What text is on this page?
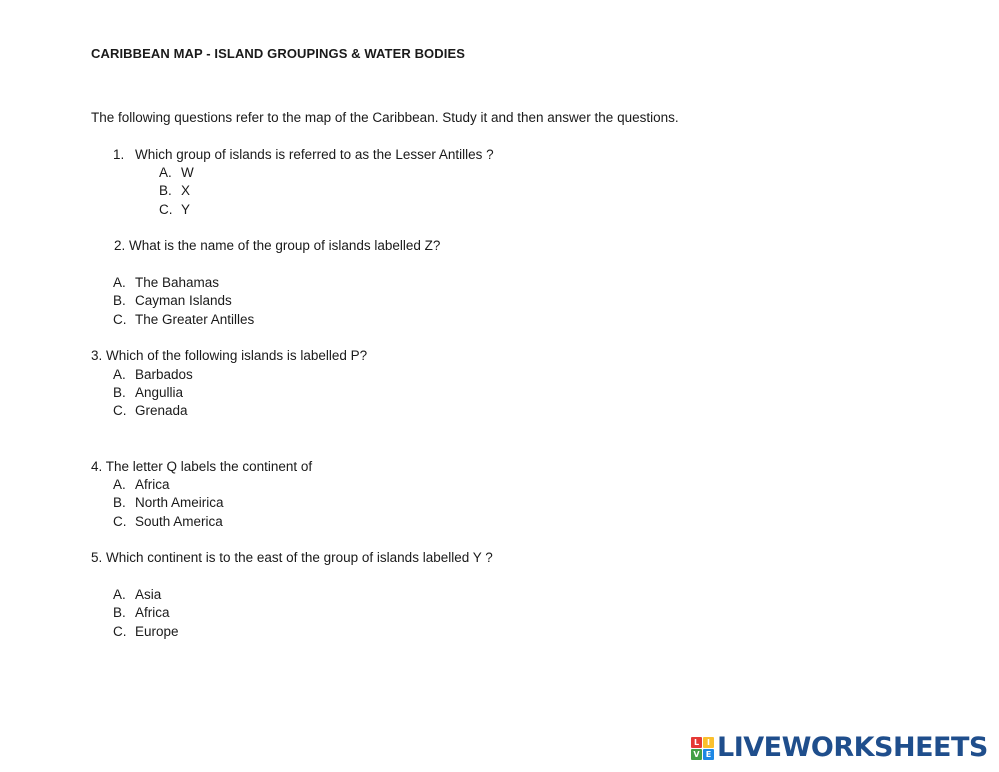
CARIBBEAN MAP - ISLAND GROUPINGS & WATER BODIES
The following questions refer to the map of the Caribbean. Study it and then answer the questions.
1. Which group of islands is referred to as the Lesser Antilles ?
A. W
B. X
C. Y
2. What is the name of the group of islands labelled Z?
A. The Bahamas
B. Cayman Islands
C. The Greater Antilles
3. Which of the following islands is labelled P?
A. Barbados
B. Angullia
C. Grenada
4. The letter Q labels the continent of
A. Africa
B. North Ameirica
C. South America
5. Which continent is to the east of the group of islands labelled Y ?
A. Asia
B. Africa
C. Europe
L I
V E LIVEWORKSHEETS
